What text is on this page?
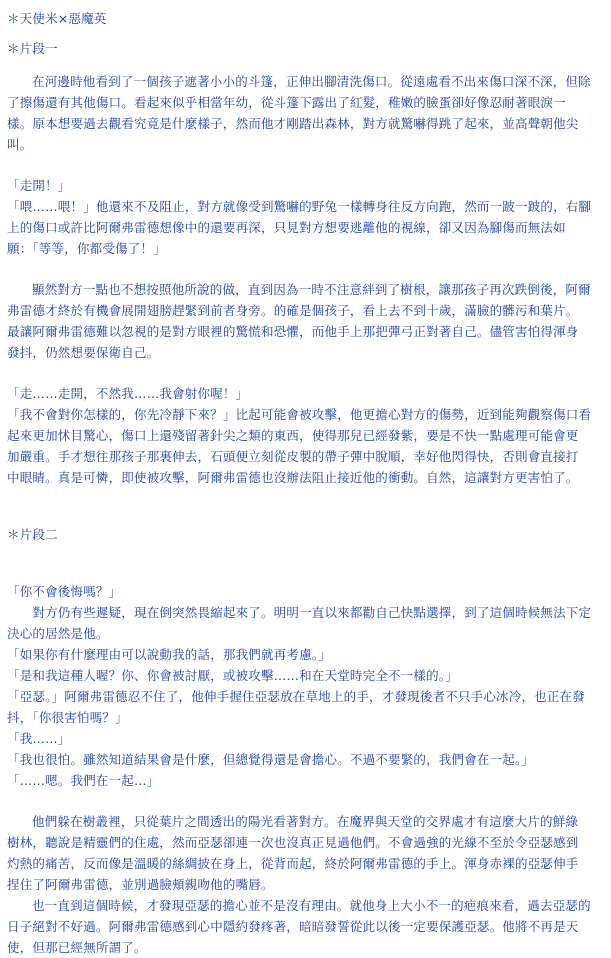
＊天使米×惡魔英
＊片段一
在河邊時他看到了一個孩子遮著小小的斗篷，正伸出腳清洗傷口。從遠處看不出來傷口深不深，但除
了擦傷還有其他傷口。看起來似乎相當年幼，從斗篷下露出了紅髮，稚嫩的臉蛋卻好像忍耐著眼淚一
樣。原本想要過去觀看究竟是什麼樣子，然而他才剛踏出森林，對方就驚嚇得跳了起來，並高聲朝他尖
叫。
「走開！」
「喂……喂！」他還來不及阻止，對方就像受到驚嚇的野兔一樣轉身往反方向跑，然而一跛一跛的，右腳
上的傷口或許比阿爾弗雷德想像中的還要再深，只見對方想要逃離他的視線，卻又因為腳傷而無法如
願：「等等，你都受傷了！」
顯然對方一點也不想按照他所說的做，直到因為一時不注意絆到了樹根，讓那孩子再次跌倒後，阿爾
弗雷德才終於有機會展開翅膀趕緊到前者身旁。的確是個孩子，看上去不到十歲，滿臉的髒污和葉片。
最讓阿爾弗雷德難以忽視的是對方眼裡的驚慌和恐懼，而他手上那把彈弓正對著自己。儘管害怕得渾身
發抖，仍然想要保衛自己。
「走……走開，不然我……我會射你喔！」
「我不會對你怎樣的，你先冷靜下來？」比起可能會被攻擊，他更擔心對方的傷勢，近到能夠觀察傷口看
起來更加怵目驚心，傷口上還殘留著針尖之類的東西，使得那兒已經發紫，要是不快一點處理可能會更
加嚴重。手才想往那孩子那裏伸去，石頭便立刻從皮製的帶子彈中脫順，幸好他閃得快，否則會直接打
中眼睛。真是可憐，即使被攻擊，阿爾弗雷德也沒辦法阻止接近他的衝動。自然，這讓對方更害怕了。
＊片段二
「你不會後悔嗎？」
　　對方仍有些遲疑，現在倒突然畏縮起來了。明明一直以來都勸自己快點選擇，到了這個時候無法下定
決心的居然是他。
「如果你有什麼理由可以說動我的話，那我們就再考慮。」
「是和我這種人喔？你、你會被討厭，或被攻擊……和在天堂時完全不一樣的。」
「亞瑟。」阿爾弗雷德忍不住了，他伸手握住亞瑟放在草地上的手，才發現後者不只手心冰冷，也正在發
抖，「你很害怕嗎？」
「我……」
「我也很怕。雖然知道結果會是什麼，但總覺得還是會擔心。不過不要緊的，我們會在一起。」
「……嗯。我們在一起…」
他們躲在樹叢裡，只從葉片之間透出的陽光看著對方。在魔界與天堂的交界處才有這麼大片的鮮綠
樹林，聽說是精靈們的住處，然而亞瑟卻連一次也沒真正見過他們。不會過強的光線不至於令亞瑟感到
灼熱的痛苦，反而像是溫暖的絲綢披在身上，從背而起，終於阿爾弗雷德的手上。渾身赤裸的亞瑟伸手
捏住了阿爾弗雷德，並別過臉頰親吻他的嘴唇。
也一直到這個時候，才發現亞瑟的擔心並不是沒有理由。就他身上大小不一的疤痕來看，過去亞瑟的
日子絕對不好過。阿爾弗雷德感到心中隱約發疼著，暗暗發誓從此以後一定要保護亞瑟。他將不再是天
使，但那已經無所謂了。
